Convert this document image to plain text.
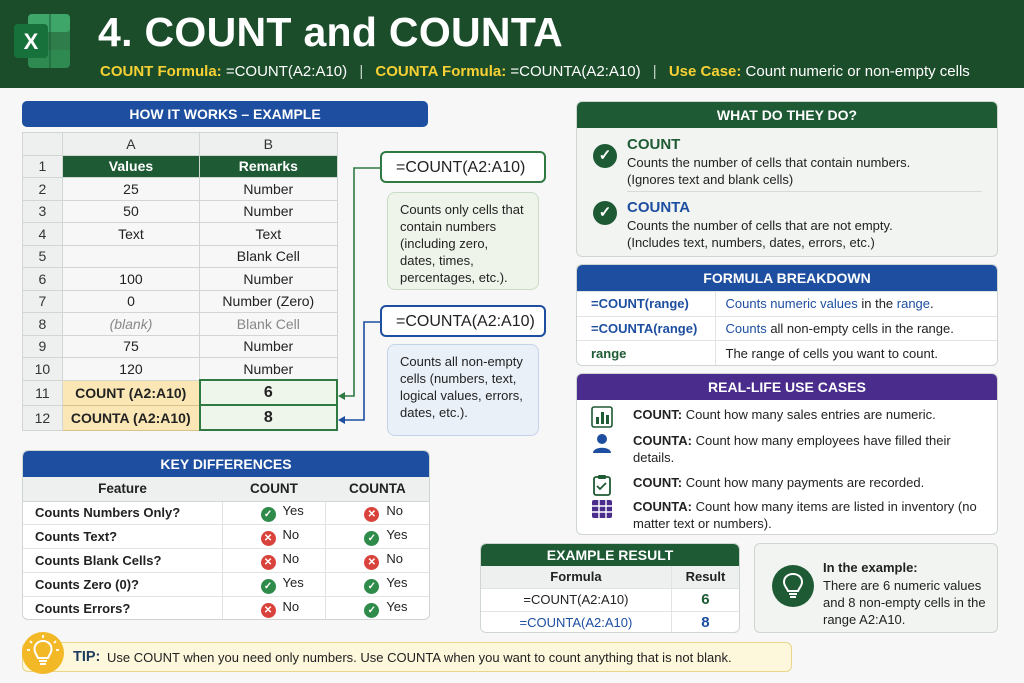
X 4. COUNT and COUNTA
COUNT Formula: =COUNT(A2:A10) | COUNTA Formula: =COUNTA(A2:A10) | Use Case: Count numeric or non-empty cells
HOW IT WORKS – EXAMPLE
	A	B
1	Values	Remarks
2	25	Number
3	50	Number
4	Text	Text
5		Blank Cell
6	100	Number
7	0	Number (Zero)
8	(blank)	Blank Cell
9	75	Number
10	120	Number
11	COUNT (A2:A10)	6
12	COUNTA (A2:A10)	8
=COUNT(A2:A10)
Counts only cells that contain numbers (including zero, dates, times, percentages, etc.).
=COUNTA(A2:A10)
Counts all non-empty cells (numbers, text, logical values, errors, dates, etc.).
KEY DIFFERENCES
Feature	COUNT	COUNTA
Counts Numbers Only?	✓ Yes	✕ No
Counts Text?	✕ No	✓ Yes
Counts Blank Cells?	✕ No	✕ No
Counts Zero (0)?	✓ Yes	✓ Yes
Counts Errors?	✕ No	✓ Yes
WHAT DO THEY DO?
✓
COUNT
Counts the number of cells that contain numbers.
(Ignores text and blank cells)
✓	COUNTA
Counts the number of cells that are not empty.
(Includes text, numbers, dates, errors, etc.)
FORMULA BREAKDOWN
=COUNT(range)	Counts numeric values in the range.
=COUNTA(range)	Counts all non-empty cells in the range.
range	The range of cells you want to count.
REAL-LIFE USE CASES
COUNT: Count how many sales entries are numeric.
COUNTA: Count how many employees have filled their details.
COUNT: Count how many payments are recorded.
COUNTA: Count how many items are listed in inventory (no matter text or numbers).
EXAMPLE RESULT
Formula	Result
=COUNT(A2:A10)	6
=COUNTA(A2:A10)	8
In the example:
There are 6 numeric values and 8 non-empty cells in the range A2:A10.
TIP: Use COUNT when you need only numbers. Use COUNTA when you want to count anything that is not blank.
